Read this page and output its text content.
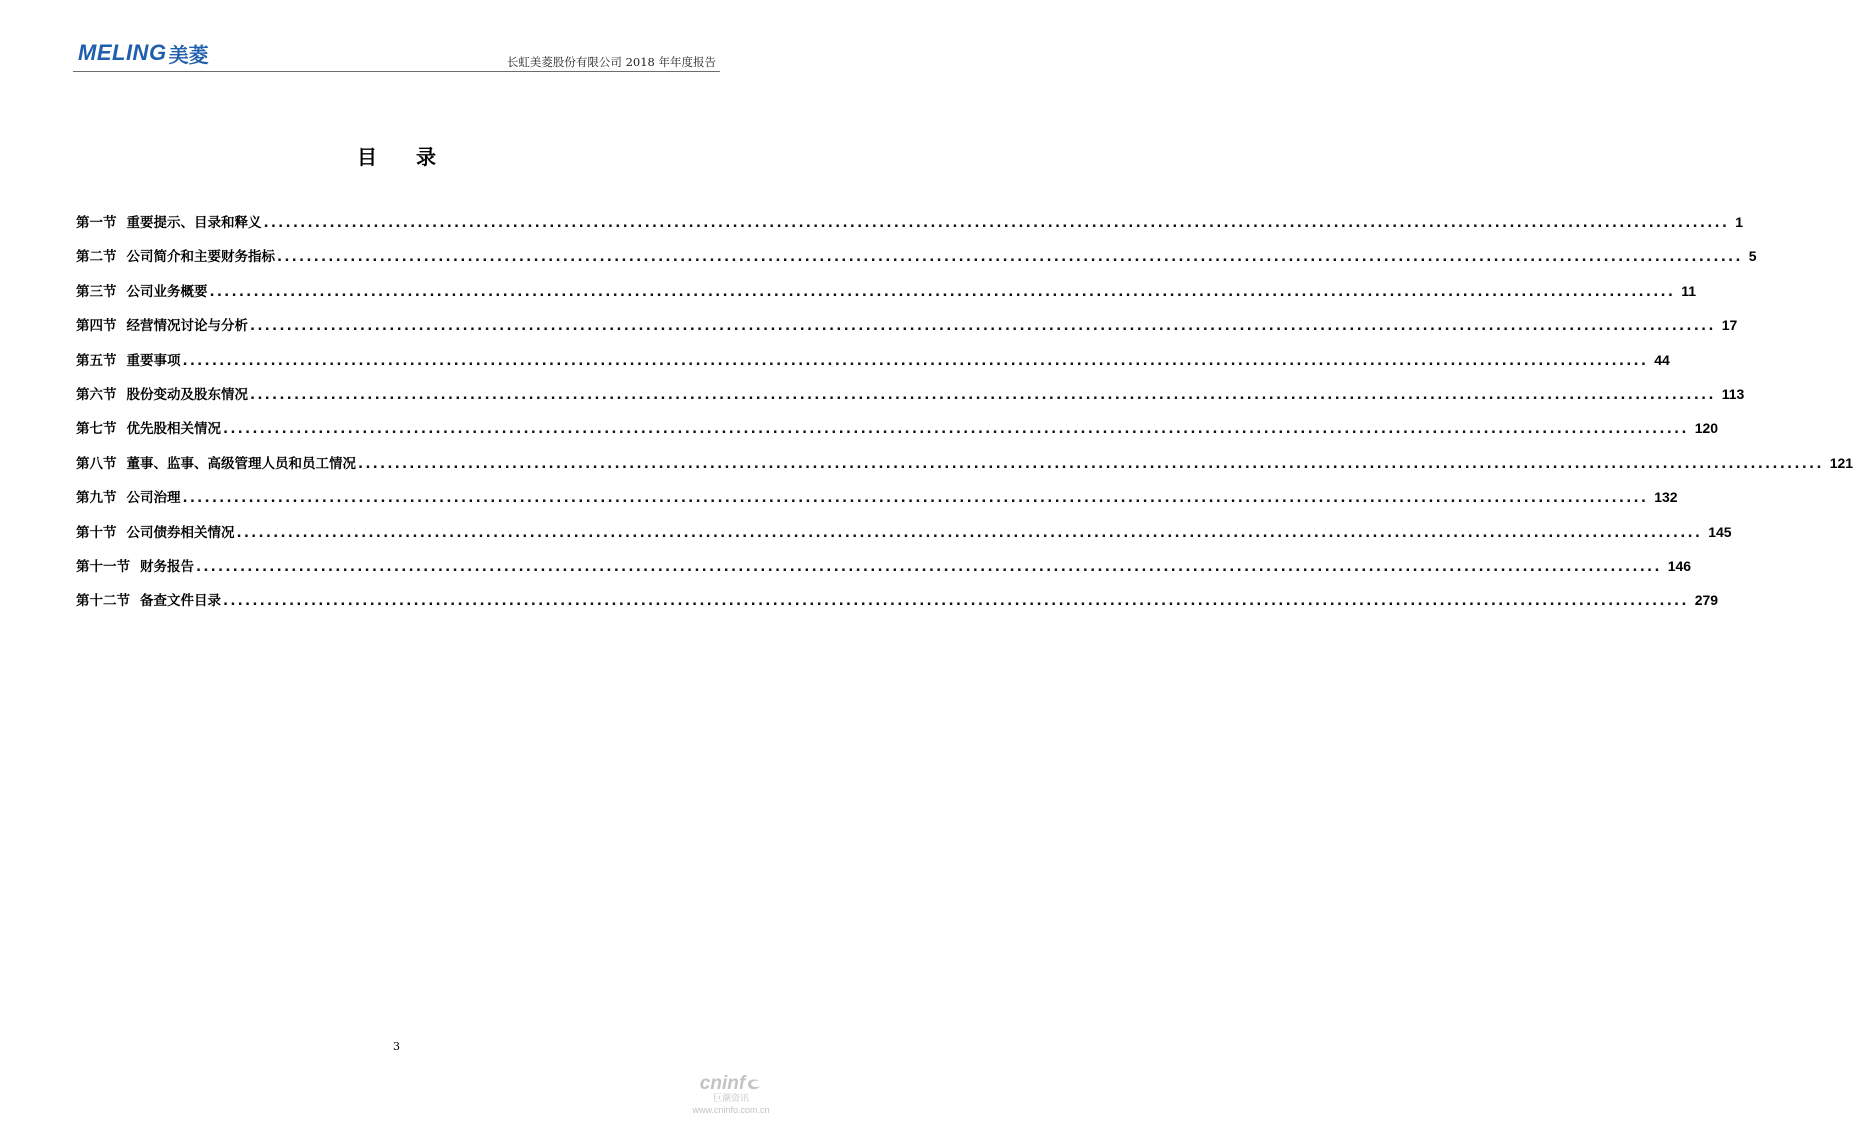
MELING 美菱	长虹美菱股份有限公司 2018 年年度报告
目 录
第一节 重要提示、目录和释义 ........................................................................................................................................................................................................ 1
第二节 公司简介和主要财务指标 ........................................................................................................................................................................................................ 5
第三节 公司业务概要 ........................................................................................................................................................................................................ 11
第四节 经营情况讨论与分析 ........................................................................................................................................................................................................ 17
第五节 重要事项 ........................................................................................................................................................................................................ 44
第六节 股份变动及股东情况 ........................................................................................................................................................................................................ 113
第七节 优先股相关情况 ........................................................................................................................................................................................................ 120
第八节 董事、监事、高级管理人员和员工情况 ........................................................................................................................................................................................................ 121
第九节 公司治理 ........................................................................................................................................................................................................ 132
第十节 公司债券相关情况 ........................................................................................................................................................................................................ 145
第十一节 财务报告 ........................................................................................................................................................................................................ 146
第十二节 备查文件目录 ........................................................................................................................................................................................................ 279
3
cninf
巨潮资讯
www.cninfo.com.cn
